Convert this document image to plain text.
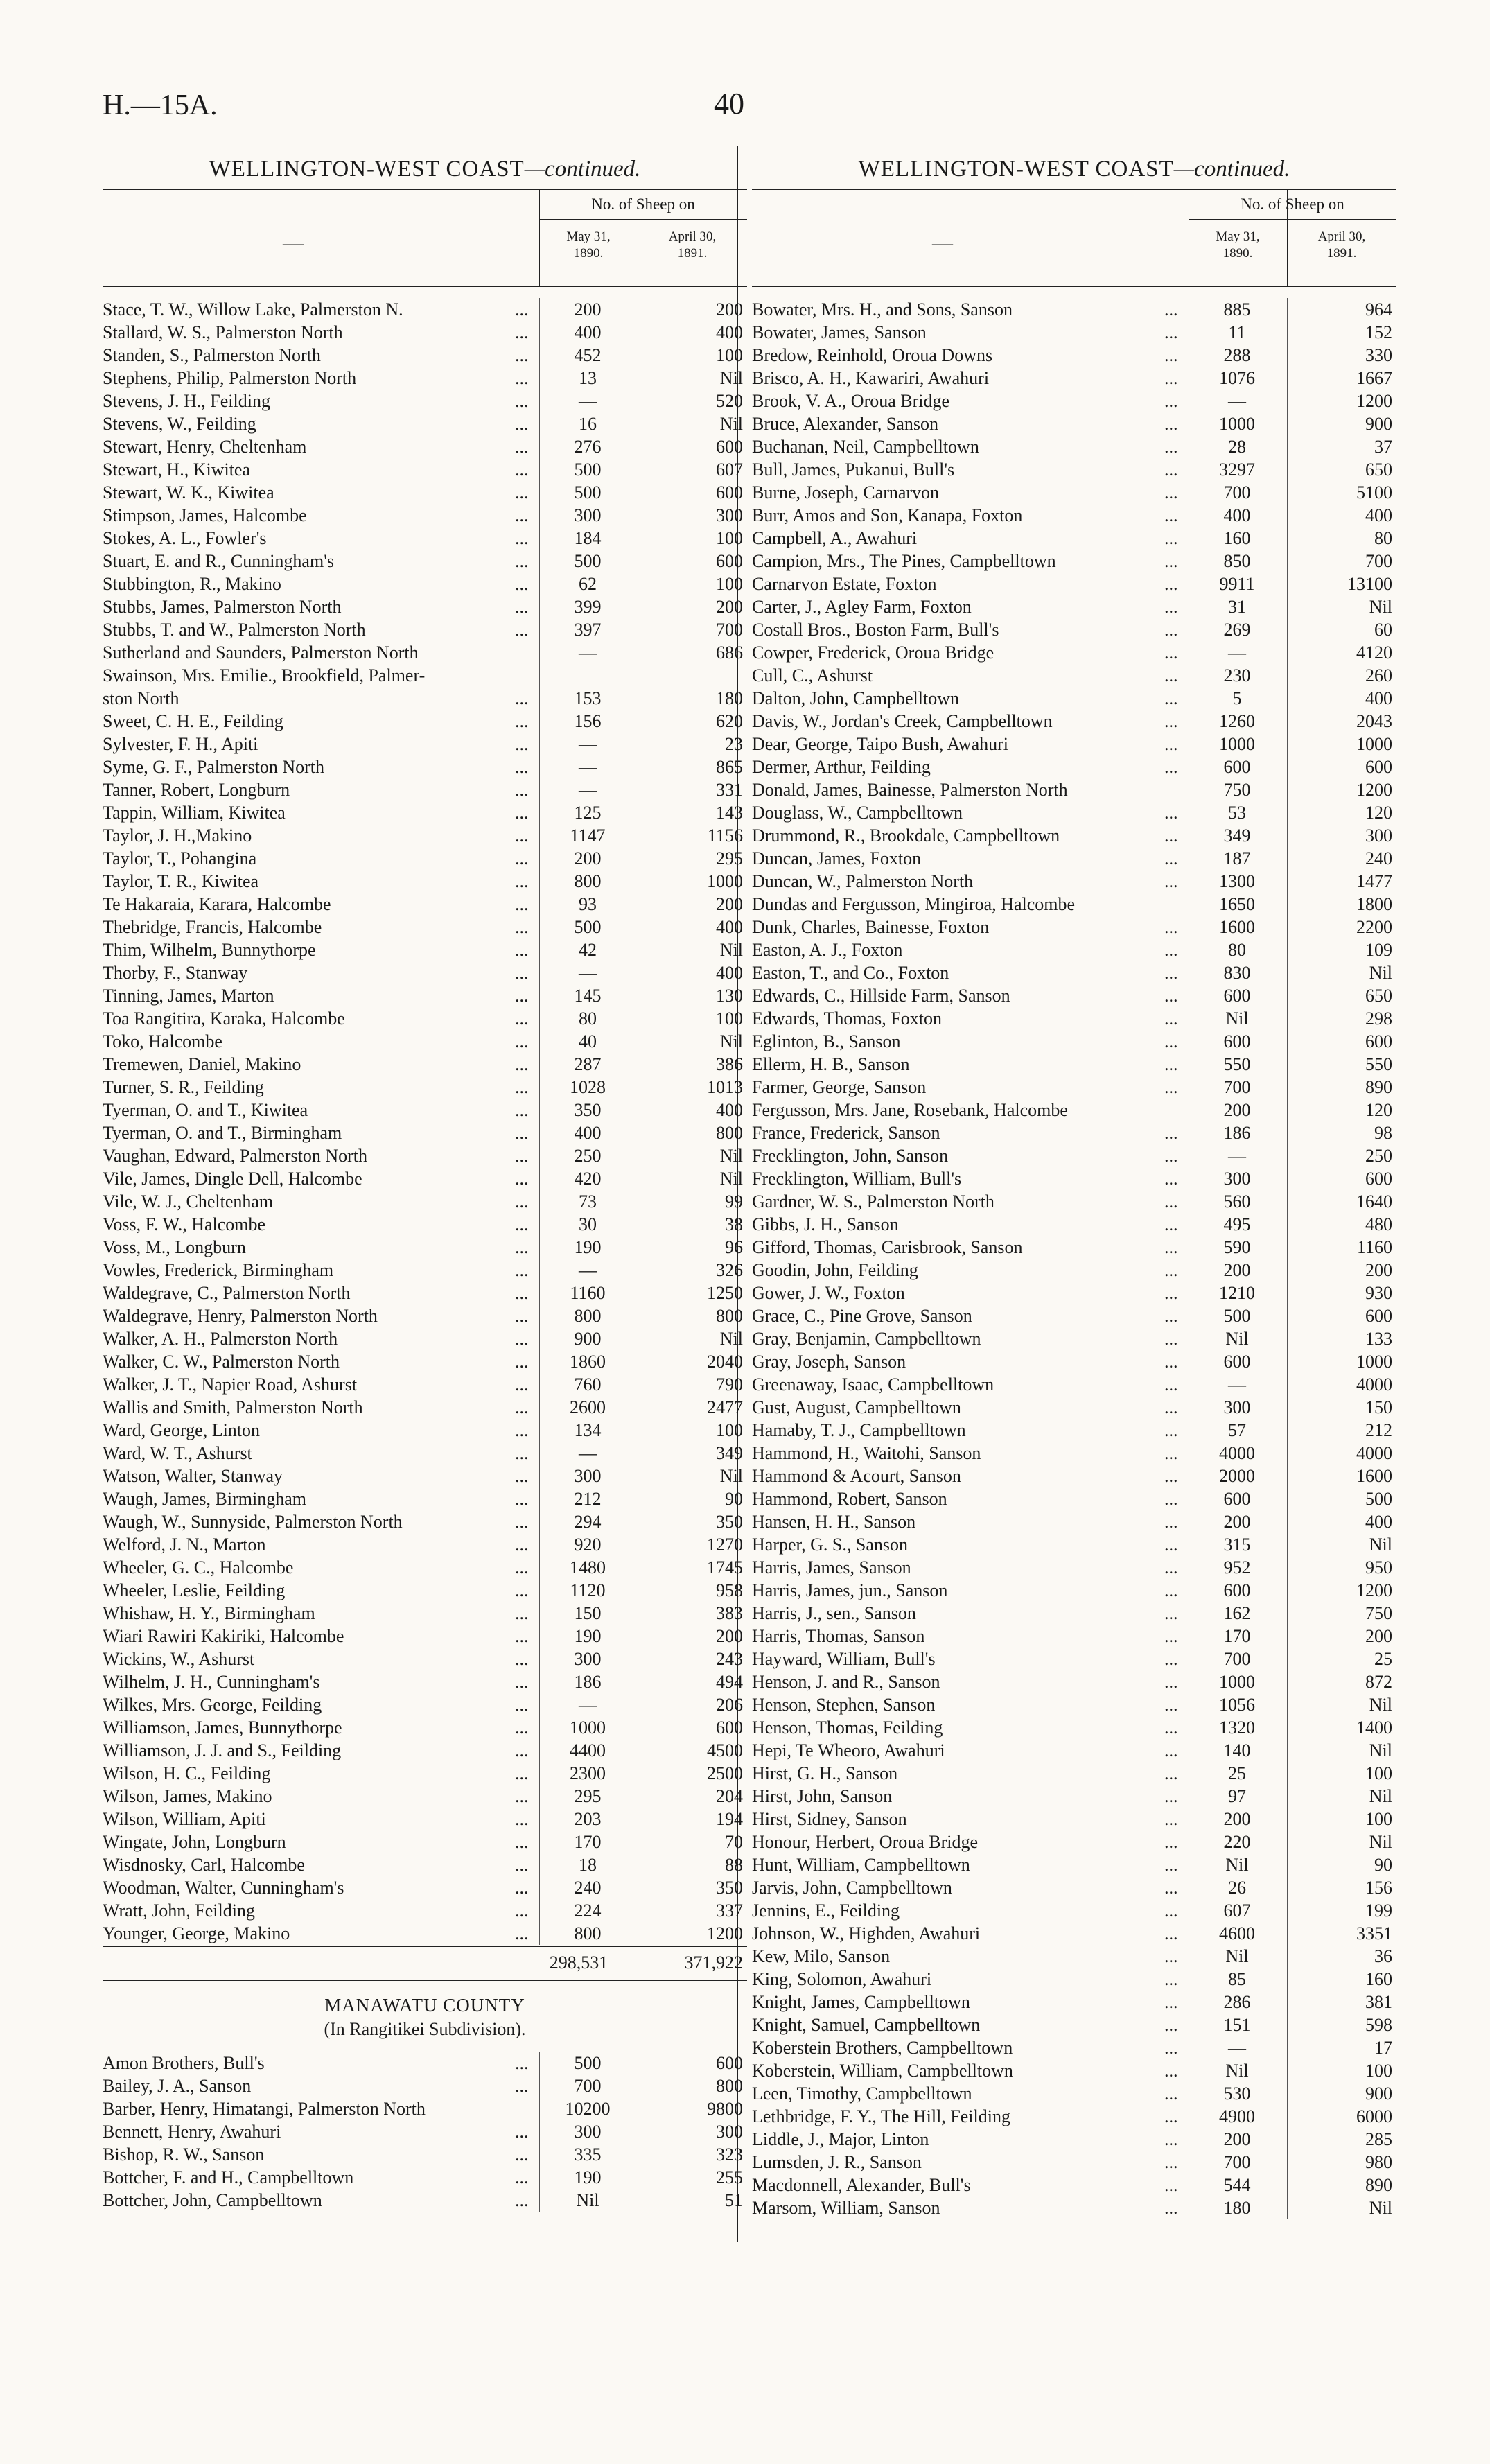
H.—15A.	40
WELLINGTON-WEST COAST—continued.
—
No. of Sheep on
May 31,
1890.
April 30,
1891.
Stace, T. W., Willow Lake, Palmerston N.	...	200	200
Stallard, W. S., Palmerston North	...	400	400
Standen, S., Palmerston North	...	452	100
Stephens, Philip, Palmerston North	...	13	Nil
Stevens, J. H., Feilding	...	—	520
Stevens, W., Feilding	...	16	Nil
Stewart, Henry, Cheltenham	...	276	600
Stewart, H., Kiwitea	...	500	607
Stewart, W. K., Kiwitea	...	500	600
Stimpson, James, Halcombe	...	300	300
Stokes, A. L., Fowler's	...	184	100
Stuart, E. and R., Cunningham's	...	500	600
Stubbington, R., Makino	...	62	100
Stubbs, James, Palmerston North	...	399	200
Stubbs, T. and W., Palmerston North	...	397	700
Sutherland and Saunders, Palmerston North	—	686
Swainson, Mrs. Emilie., Brookfield, Palmer-
ston North	...	153	180
Sweet, C. H. E., Feilding	...	156	620
Sylvester, F. H., Apiti	...	—	23
Syme, G. F., Palmerston North	...	—	865
Tanner, Robert, Longburn	...	—	331
Tappin, William, Kiwitea	...	125	143
Taylor, J. H.,Makino	...	1147	1156
Taylor, T., Pohangina	...	200	295
Taylor, T. R., Kiwitea	...	800	1000
Te Hakaraia, Karara, Halcombe	...	93	200
Thebridge, Francis, Halcombe	...	500	400
Thim, Wilhelm, Bunnythorpe	...	42	Nil
Thorby, F., Stanway	...	—	400
Tinning, James, Marton	...	145	130
Toa Rangitira, Karaka, Halcombe	...	80	100
Toko, Halcombe	...	40	Nil
Tremewen, Daniel, Makino	...	287	386
Turner, S. R., Feilding	...	1028	1013
Tyerman, O. and T., Kiwitea	...	350	400
Tyerman, O. and T., Birmingham	...	400	800
Vaughan, Edward, Palmerston North	...	250	Nil
Vile, James, Dingle Dell, Halcombe	...	420	Nil
Vile, W. J., Cheltenham	...	73	99
Voss, F. W., Halcombe	...	30	38
Voss, M., Longburn	...	190	96
Vowles, Frederick, Birmingham	...	—	326
Waldegrave, C., Palmerston North	...	1160	1250
Waldegrave, Henry, Palmerston North	...	800	800
Walker, A. H., Palmerston North	...	900	Nil
Walker, C. W., Palmerston North	...	1860	2040
Walker, J. T., Napier Road, Ashurst	...	760	790
Wallis and Smith, Palmerston North	...	2600	2477
Ward, George, Linton	...	134	100
Ward, W. T., Ashurst	...	—	349
Watson, Walter, Stanway	...	300	Nil
Waugh, James, Birmingham	...	212	90
Waugh, W., Sunnyside, Palmerston North	...	294	350
Welford, J. N., Marton	...	920	1270
Wheeler, G. C., Halcombe	...	1480	1745
Wheeler, Leslie, Feilding	...	1120	958
Whishaw, H. Y., Birmingham	...	150	383
Wiari Rawiri Kakiriki, Halcombe	...	190	200
Wickins, W., Ashurst	...	300	243
Wilhelm, J. H., Cunningham's	...	186	494
Wilkes, Mrs. George, Feilding	...	—	206
Williamson, James, Bunnythorpe	...	1000	600
Williamson, J. J. and S., Feilding	...	4400	4500
Wilson, H. C., Feilding	...	2300	2500
Wilson, James, Makino	...	295	204
Wilson, William, Apiti	...	203	194
Wingate, John, Longburn	...	170	70
Wisdnosky, Carl, Halcombe	...	18	88
Woodman, Walter, Cunningham's	...	240	350
Wratt, John, Feilding	...	224	337
Younger, George, Makino	...	800	1200
298,531	371,922
MANAWATU COUNTY
(In Rangitikei Subdivision).
Amon Brothers, Bull's	...	500	600
Bailey, J. A., Sanson	...	700	800
Barber, Henry, Himatangi, Palmerston North	10200	9800
Bennett, Henry, Awahuri	...	300	300
Bishop, R. W., Sanson	...	335	323
Bottcher, F. and H., Campbelltown	...	190	255
Bottcher, John, Campbelltown	...	Nil	51
WELLINGTON-WEST COAST—continued.
—
No. of Sheep on
May 31,
1890.
April 30,
1891.
Bowater, Mrs. H., and Sons, Sanson	...	885	964
Bowater, James, Sanson	...	11	152
Bredow, Reinhold, Oroua Downs	...	288	330
Brisco, A. H., Kawariri, Awahuri	...	1076	1667
Brook, V. A., Oroua Bridge	...	—	1200
Bruce, Alexander, Sanson	...	1000	900
Buchanan, Neil, Campbelltown	...	28	37
Bull, James, Pukanui, Bull's	...	3297	650
Burne, Joseph, Carnarvon	...	700	5100
Burr, Amos and Son, Kanapa, Foxton	...	400	400
Campbell, A., Awahuri	...	160	80
Campion, Mrs., The Pines, Campbelltown	...	850	700
Carnarvon Estate, Foxton	...	9911	13100
Carter, J., Agley Farm, Foxton	...	31	Nil
Costall Bros., Boston Farm, Bull's	...	269	60
Cowper, Frederick, Oroua Bridge	...	—	4120
Cull, C., Ashurst	...	230	260
Dalton, John, Campbelltown	...	5	400
Davis, W., Jordan's Creek, Campbelltown	...	1260	2043
Dear, George, Taipo Bush, Awahuri	...	1000	1000
Dermer, Arthur, Feilding	...	600	600
Donald, James, Bainesse, Palmerston North	750	1200
Douglass, W., Campbelltown	...	53	120
Drummond, R., Brookdale, Campbelltown	...	349	300
Duncan, James, Foxton	...	187	240
Duncan, W., Palmerston North	...	1300	1477
Dundas and Fergusson, Mingiroa, Halcombe	1650	1800
Dunk, Charles, Bainesse, Foxton	...	1600	2200
Easton, A. J., Foxton	...	80	109
Easton, T., and Co., Foxton	...	830	Nil
Edwards, C., Hillside Farm, Sanson	...	600	650
Edwards, Thomas, Foxton	...	Nil	298
Eglinton, B., Sanson	...	600	600
Ellerm, H. B., Sanson	...	550	550
Farmer, George, Sanson	...	700	890
Fergusson, Mrs. Jane, Rosebank, Halcombe	200	120
France, Frederick, Sanson	...	186	98
Frecklington, John, Sanson	...	—	250
Frecklington, William, Bull's	...	300	600
Gardner, W. S., Palmerston North	...	560	1640
Gibbs, J. H., Sanson	...	495	480
Gifford, Thomas, Carisbrook, Sanson	...	590	1160
Goodin, John, Feilding	...	200	200
Gower, J. W., Foxton	...	1210	930
Grace, C., Pine Grove, Sanson	...	500	600
Gray, Benjamin, Campbelltown	...	Nil	133
Gray, Joseph, Sanson	...	600	1000
Greenaway, Isaac, Campbelltown	...	—	4000
Gust, August, Campbelltown	...	300	150
Hamaby, T. J., Campbelltown	...	57	212
Hammond, H., Waitohi, Sanson	...	4000	4000
Hammond & Acourt, Sanson	...	2000	1600
Hammond, Robert, Sanson	...	600	500
Hansen, H. H., Sanson	...	200	400
Harper, G. S., Sanson	...	315	Nil
Harris, James, Sanson	...	952	950
Harris, James, jun., Sanson	...	600	1200
Harris, J., sen., Sanson	...	162	750
Harris, Thomas, Sanson	...	170	200
Hayward, William, Bull's	...	700	25
Henson, J. and R., Sanson	...	1000	872
Henson, Stephen, Sanson	...	1056	Nil
Henson, Thomas, Feilding	...	1320	1400
Hepi, Te Wheoro, Awahuri	...	140	Nil
Hirst, G. H., Sanson	...	25	100
Hirst, John, Sanson	...	97	Nil
Hirst, Sidney, Sanson	...	200	100
Honour, Herbert, Oroua Bridge	...	220	Nil
Hunt, William, Campbelltown	...	Nil	90
Jarvis, John, Campbelltown	...	26	156
Jennins, E., Feilding	...	607	199
Johnson, W., Highden, Awahuri	...	4600	3351
Kew, Milo, Sanson	...	Nil	36
King, Solomon, Awahuri	...	85	160
Knight, James, Campbelltown	...	286	381
Knight, Samuel, Campbelltown	...	151	598
Koberstein Brothers, Campbelltown	...	—	17
Koberstein, William, Campbelltown	...	Nil	100
Leen, Timothy, Campbelltown	...	530	900
Lethbridge, F. Y., The Hill, Feilding	...	4900	6000
Liddle, J., Major, Linton	...	200	285
Lumsden, J. R., Sanson	...	700	980
Macdonnell, Alexander, Bull's	...	544	890
Marsom, William, Sanson	...	180	Nil
